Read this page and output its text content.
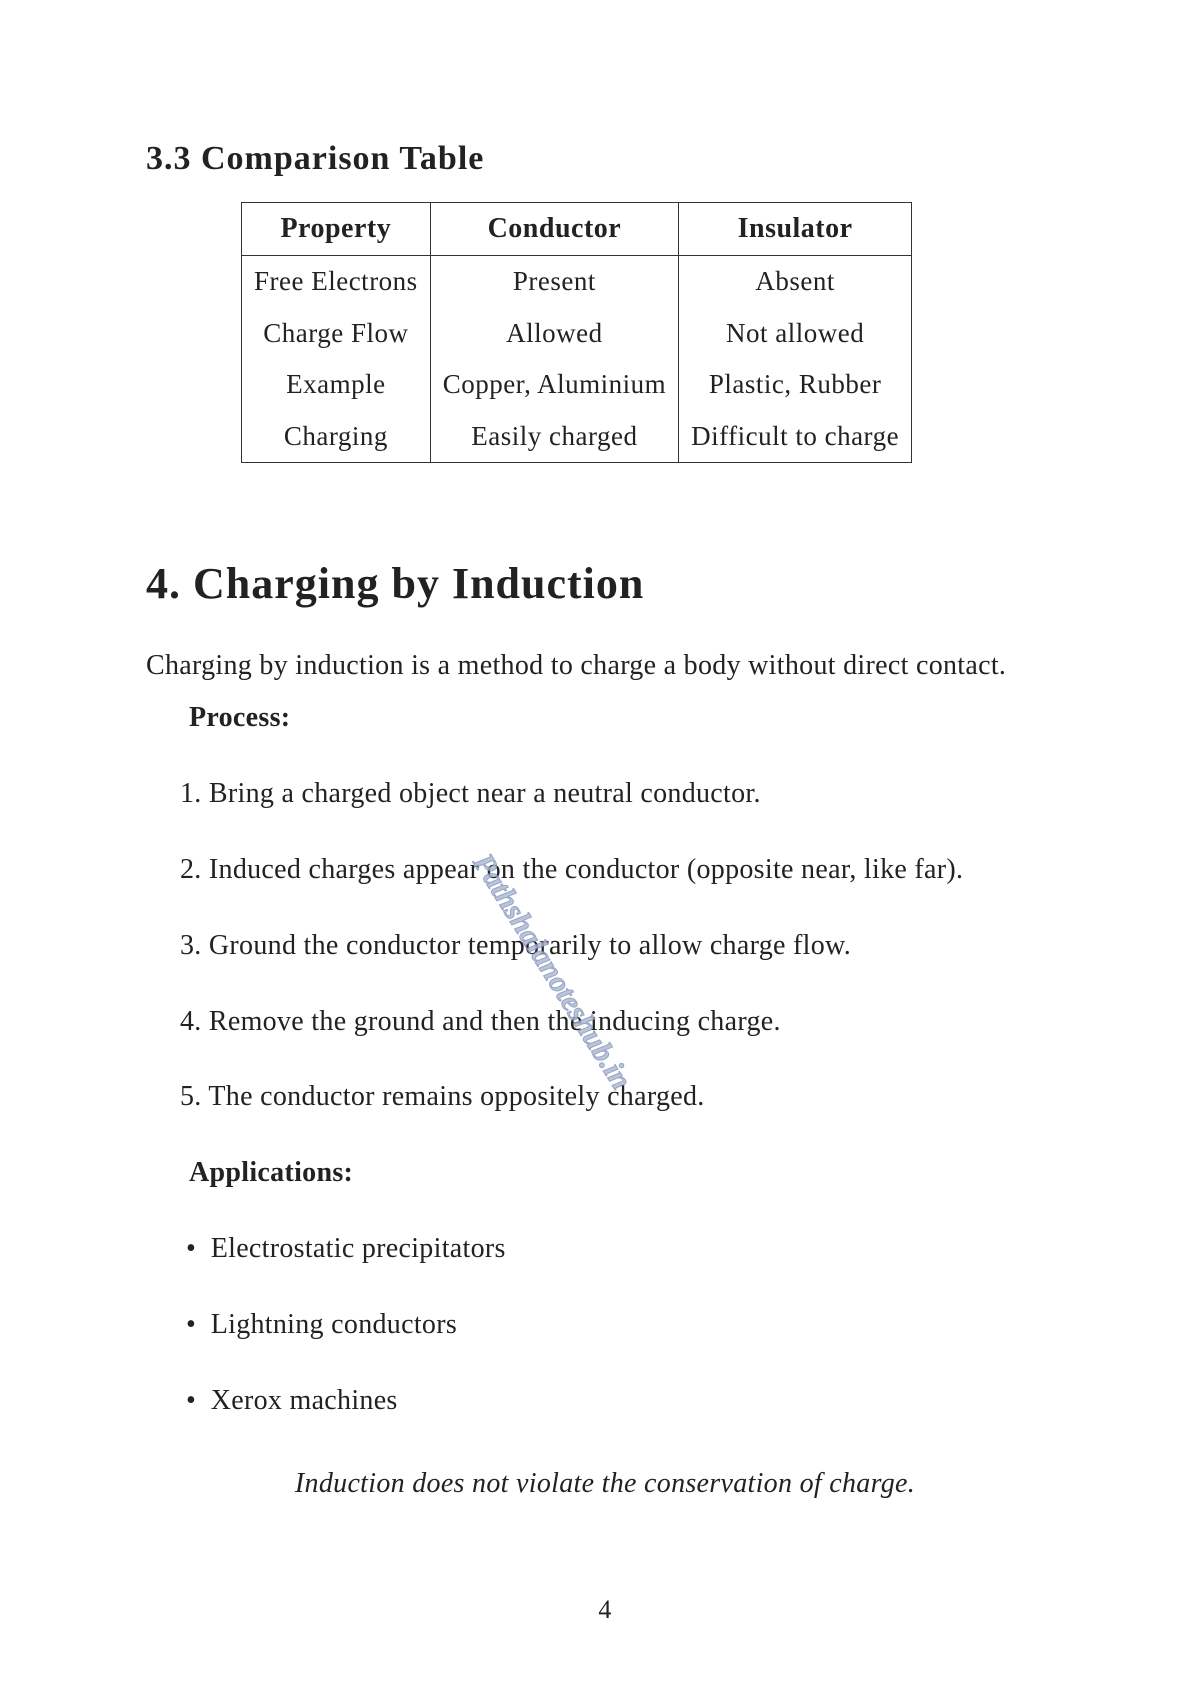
3.3 Comparison Table
Property	Conductor	Insulator
Free Electrons	Present	Absent
Charge Flow	Allowed	Not allowed
Example	Copper, Aluminium	Plastic, Rubber
Charging	Easily charged	Difficult to charge
4. Charging by Induction
Charging by induction is a method to charge a body without direct contact.
Process:
1. Bring a charged object near a neutral conductor.
2. Induced charges appear on the conductor (opposite near, like far).
3. Ground the conductor temporarily to allow charge flow.
4. Remove the ground and then the inducing charge.
5. The conductor remains oppositely charged.
Applications:
• Electrostatic precipitators
• Lightning conductors
• Xerox machines
Induction does not violate the conservation of charge.
Pathshalanoteshub.in
4
